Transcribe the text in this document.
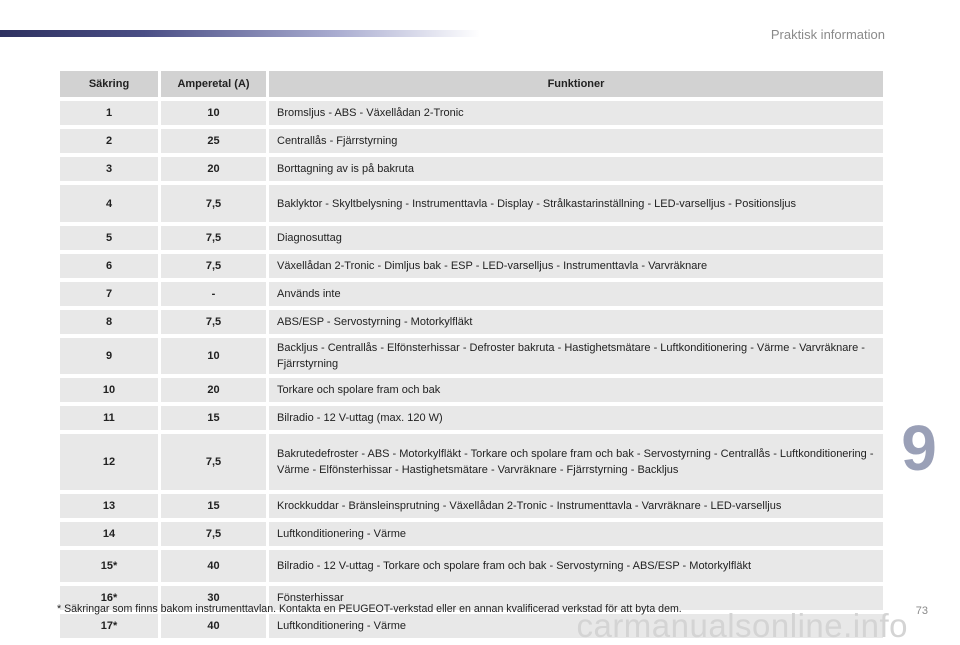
Praktisk information
9
Säkring	Amperetal (A)	Funktioner
1	10	Bromsljus - ABS - Växellådan 2-Tronic
2	25	Centrallås - Fjärrstyrning
3	20	Borttagning av is på bakruta
4	7,5	Baklyktor - Skyltbelysning - Instrumenttavla - Display - Strålkastarinställning - LED-varselljus - Positionsljus
5	7,5	Diagnosuttag
6	7,5	Växellådan 2-Tronic - Dimljus bak - ESP - LED-varselljus - Instrumenttavla - Varvräknare
7	-	Används inte
8	7,5	ABS/ESP - Servostyrning - Motorkylfläkt
9	10	Backljus - Centrallås - Elfönsterhissar - Defroster bakruta - Hastighetsmätare - Luftkonditionering - Värme - Varvräknare - Fjärrstyrning
10	20	Torkare och spolare fram och bak
11	15	Bilradio - 12 V-uttag (max. 120 W)
12	7,5	Bakrutedefroster - ABS - Motorkylfläkt - Torkare och spolare fram och bak - Servostyrning - Centrallås - Luftkonditionering - Värme - Elfönsterhissar - Hastighetsmätare - Varvräknare - Fjärrstyrning - Backljus
13	15	Krockkuddar - Bränsleinsprutning - Växellådan 2-Tronic - Instrumenttavla - Varvräknare - LED-varselljus
14	7,5	Luftkonditionering - Värme
15*	40	Bilradio - 12 V-uttag - Torkare och spolare fram och bak - Servostyrning - ABS/ESP - Motorkylfläkt
16*	30	Fönsterhissar
17*	40	Luftkonditionering - Värme
* Säkringar som finns bakom instrumenttavlan. Kontakta en PEUGEOT-verkstad eller en annan kvalificerad verkstad för att byta dem.
carmanualsonline.info 73
